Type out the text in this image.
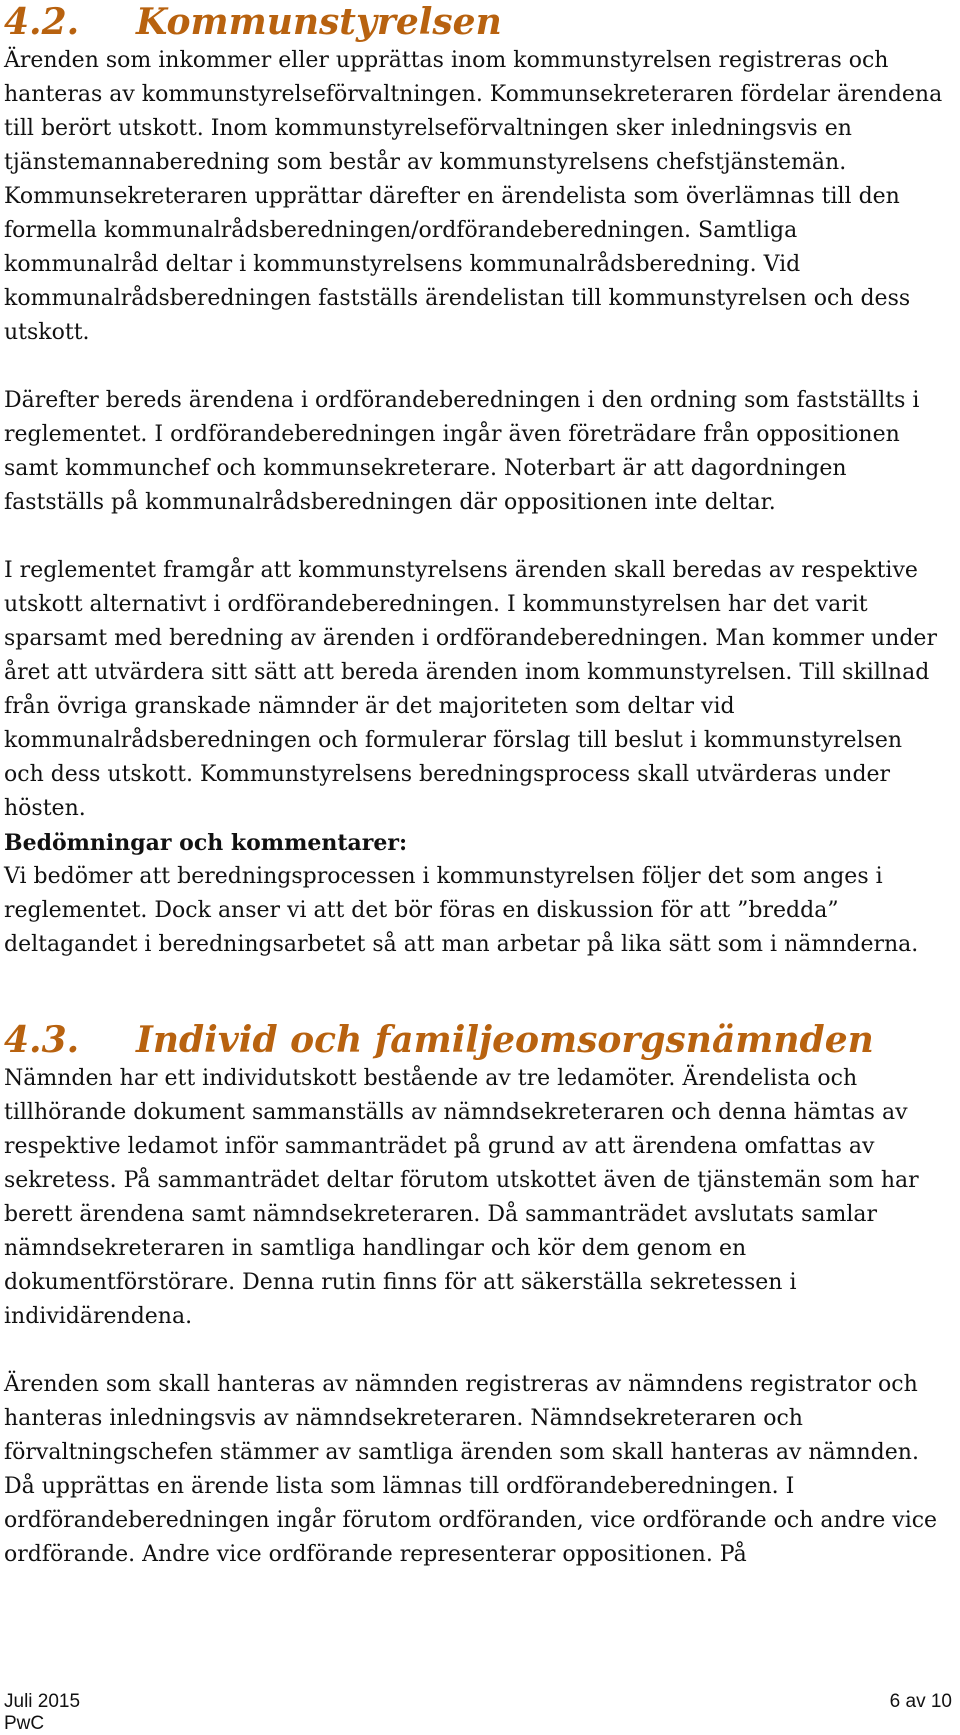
4.2. Kommunstyrelsen

Ärenden som inkommer eller upprättas inom kommunstyrelsen registreras och
hanteras av kommunstyrelseförvaltningen. Kommunsekreteraren fördelar ärendena
till berört utskott. Inom kommunstyrelseförvaltningen sker inledningsvis en
tjänstemannaberedning som består av kommunstyrelsens chefstjänstemän.
Kommunsekreteraren upprättar därefter en ärendelista som överlämnas till den
formella kommunalrådsberedningen/ordförandeberedningen. Samtliga
kommunalråd deltar i kommunstyrelsens kommunalrådsberedning. Vid
kommunalrådsberedningen fastställs ärendelistan till kommunstyrelsen och dess
utskott.

Därefter bereds ärendena i ordförandeberedningen i den ordning som fastställts i
reglementet. I ordförandeberedningen ingår även företrädare från oppositionen
samt kommunchef och kommunsekreterare. Noterbart är att dagordningen
fastställs på kommunalrådsberedningen där oppositionen inte deltar.

I reglementet framgår att kommunstyrelsens ärenden skall beredas av respektive
utskott alternativt i ordförandeberedningen. I kommunstyrelsen har det varit
sparsamt med beredning av ärenden i ordförandeberedningen. Man kommer under
året att utvärdera sitt sätt att bereda ärenden inom kommunstyrelsen. Till skillnad
från övriga granskade nämnder är det majoriteten som deltar vid
kommunalrådsberedningen och formulerar förslag till beslut i kommunstyrelsen
och dess utskott. Kommunstyrelsens beredningsprocess skall utvärderas under
hösten.

Bedömningar och kommentarer:

Vi bedömer att beredningsprocessen i kommunstyrelsen följer det som anges i
reglementet. Dock anser vi att det bör föras en diskussion för att ”bredda”
deltagandet i beredningsarbetet så att man arbetar på lika sätt som i nämnderna.

4.3. Individ och familjeomsorgsnämnden

Nämnden har ett individutskott bestående av tre ledamöter. Ärendelista och
tillhörande dokument sammanställs av nämndsekreteraren och denna hämtas av
respektive ledamot inför sammanträdet på grund av att ärendena omfattas av
sekretess. På sammanträdet deltar förutom utskottet även de tjänstemän som har
berett ärendena samt nämndsekreteraren. Då sammanträdet avslutats samlar
nämndsekreteraren in samtliga handlingar och kör dem genom en
dokumentförstörare. Denna rutin finns för att säkerställa sekretessen i
individärendena.

Ärenden som skall hanteras av nämnden registreras av nämndens registrator och
hanteras inledningsvis av nämndsekreteraren. Nämndsekreteraren och
förvaltningschefen stämmer av samtliga ärenden som skall hanteras av nämnden.
Då upprättas en ärende lista som lämnas till ordförandeberedningen. I
ordförandeberedningen ingår förutom ordföranden, vice ordförande och andre vice
ordförande. Andre vice ordförande representerar oppositionen. På

Juli 2015	6 av 10
PwC
